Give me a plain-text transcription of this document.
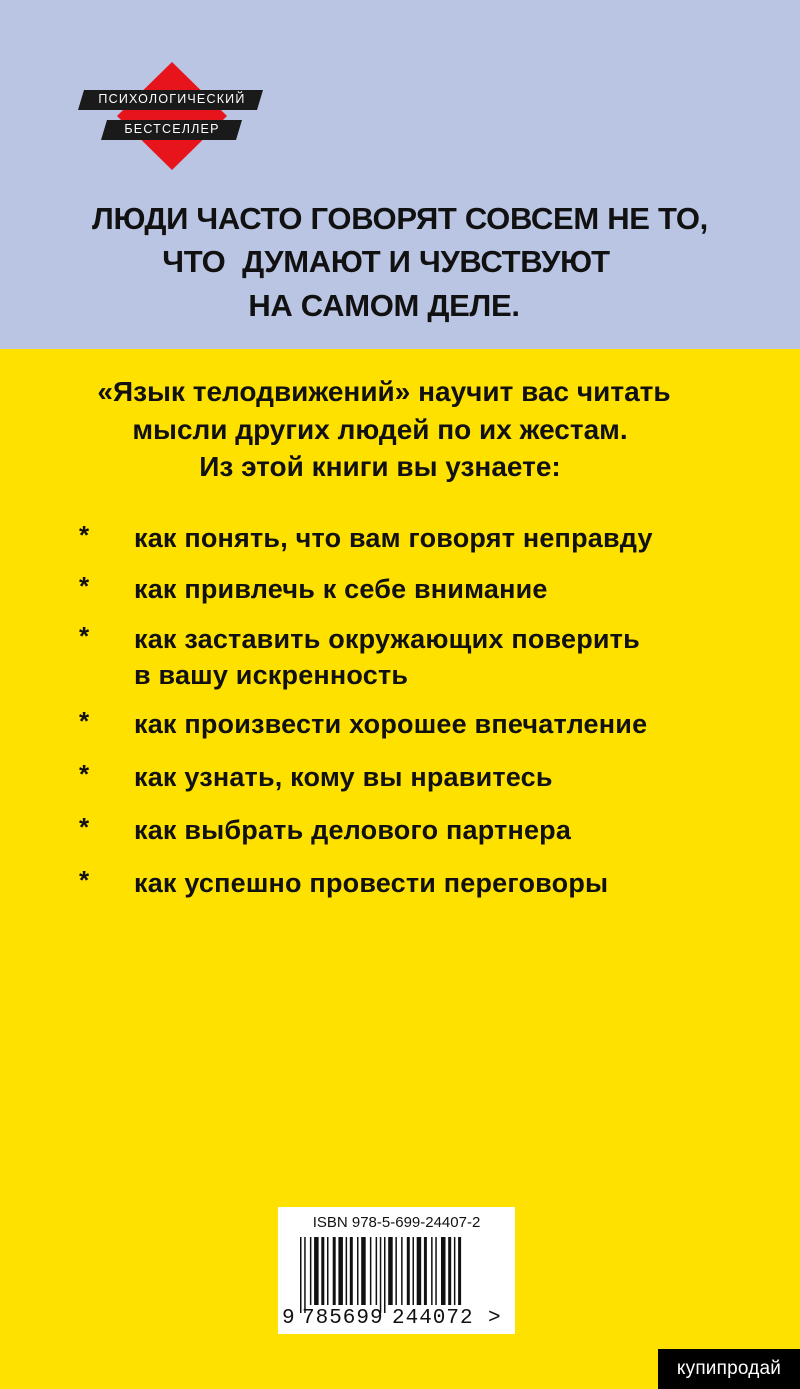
ПСИХОЛОГИЧЕСКИЙ
БЕСТСЕЛЛЕР
ЛЮДИ ЧАСТО ГОВОРЯТ СОВСЕМ НЕ ТО,
ЧТО  ДУМАЮТ И ЧУВСТВУЮТ
НА САМОМ ДЕЛЕ.
«Язык телодвижений» научит вас читать
мысли других людей по их жестам.
Из этой книги вы узнаете:
* как понять, что вам говорят неправду
* как привлечь к себе внимание
* как заставить окружающих поверить
в вашу искренность
* как произвести хорошее впечатление
* как узнать, кому вы нравитесь
* как выбрать делового партнера
* как успешно провести переговоры
ISBN 978-5-699-24407-2
9 785699 244072 >
купипродай
